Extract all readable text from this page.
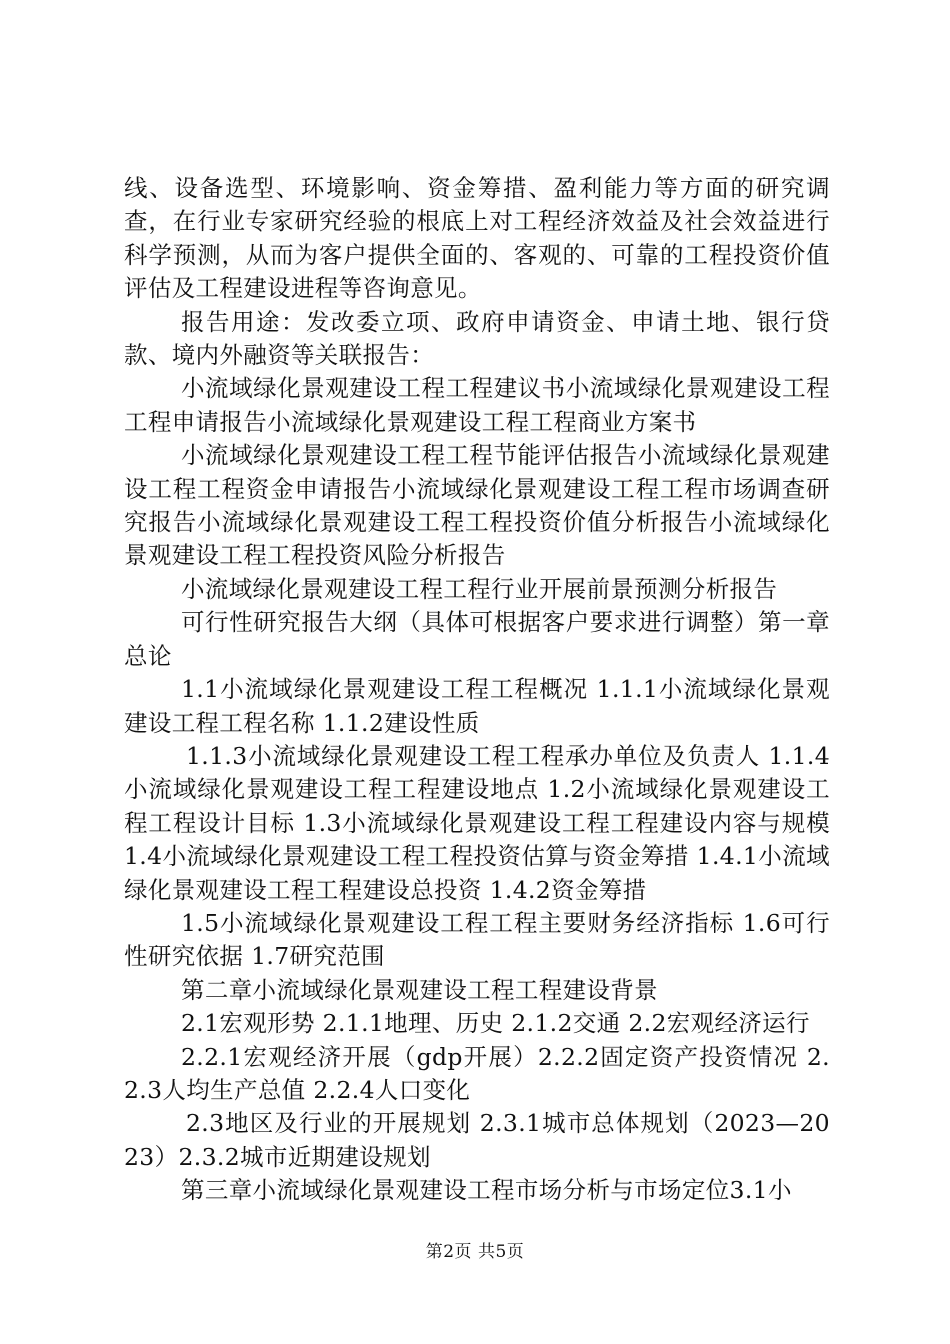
线、设备选型、环境影响、资金筹措、盈利能力等方面的研究调查，在行业专家研究经验的根底上对工程经济效益及社会效益进行科学预测，从而为客户提供全面的、客观的、可靠的工程投资价值评估及工程建设进程等咨询意见。

报告用途：发改委立项、政府申请资金、申请土地、银行贷款、境内外融资等关联报告：

小流域绿化景观建设工程工程建议书小流域绿化景观建设工程工程申请报告小流域绿化景观建设工程工程商业方案书

小流域绿化景观建设工程工程节能评估报告小流域绿化景观建设工程工程资金申请报告小流域绿化景观建设工程工程市场调查研究报告小流域绿化景观建设工程工程投资价值分析报告小流域绿化景观建设工程工程投资风险分析报告

小流域绿化景观建设工程工程行业开展前景预测分析报告

可行性研究报告大纲（具体可根据客户要求进行调整）第一章总论

1.1小流域绿化景观建设工程工程概况 1.1.1小流域绿化景观建设工程工程名称 1.1.2建设性质

1.1.3小流域绿化景观建设工程工程承办单位及负责人 1.1.4小流域绿化景观建设工程工程建设地点 1.2小流域绿化景观建设工程工程设计目标 1.3小流域绿化景观建设工程工程建设内容与规模 1.4小流域绿化景观建设工程工程投资估算与资金筹措 1.4.1小流域绿化景观建设工程工程建设总投资 1.4.2资金筹措

1.5小流域绿化景观建设工程工程主要财务经济指标 1.6可行性研究依据 1.7研究范围

第二章小流域绿化景观建设工程工程建设背景

2.1宏观形势 2.1.1地理、历史 2.1.2交通 2.2宏观经济运行

2.2.1宏观经济开展（gdp开展）2.2.2固定资产投资情况 2.2.3人均生产总值 2.2.4人口变化

2.3地区及行业的开展规划 2.3.1城市总体规划（2023—2023）2.3.2城市近期建设规划

第三章小流域绿化景观建设工程市场分析与市场定位3.1小

第2页 共5页
